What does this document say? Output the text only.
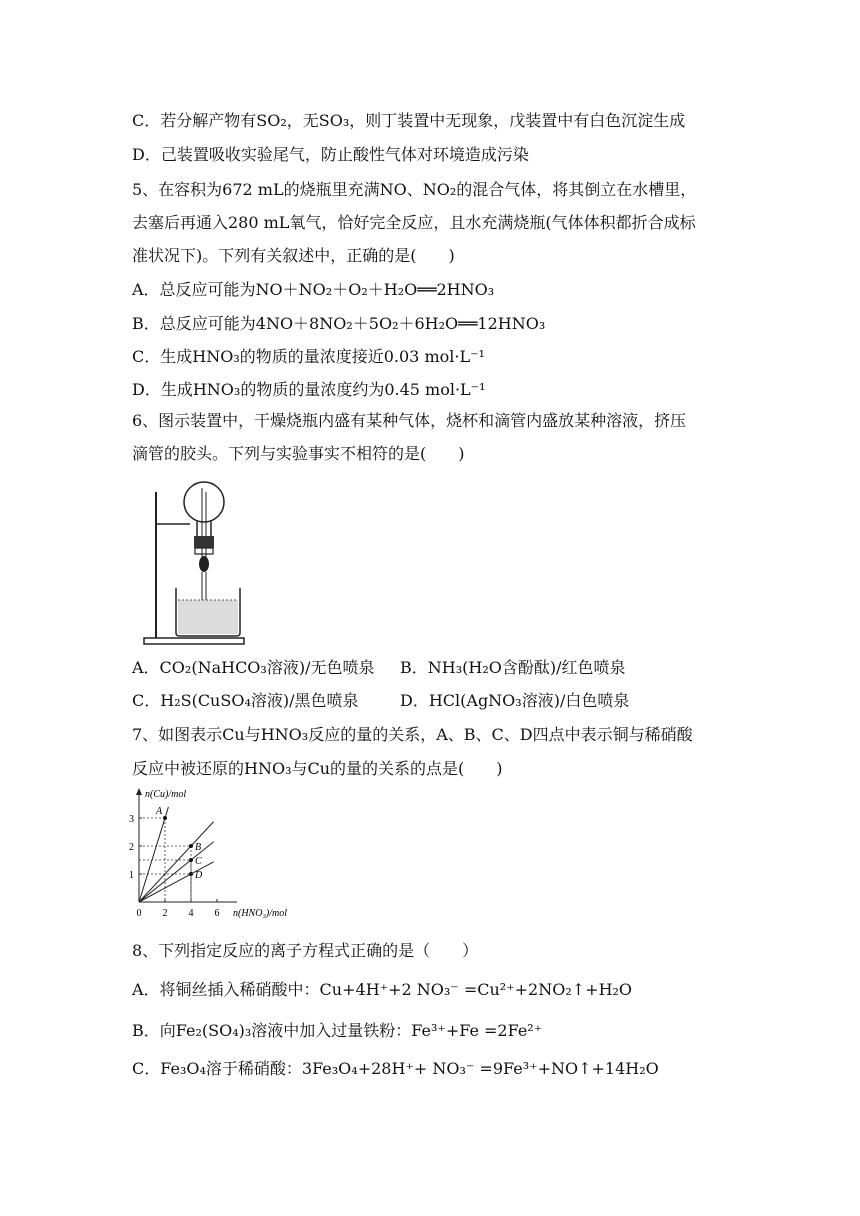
C．若分解产物有SO₂，无SO₃，则丁装置中无现象，戊装置中有白色沉淀生成
D．己装置吸收实验尾气，防止酸性气体对环境造成污染
5、在容积为672 mL的烧瓶里充满NO、NO₂的混合气体，将其倒立在水槽里，
去塞后再通入280 mL氧气，恰好完全反应，且水充满烧瓶(气体体积都折合成标
准状况下)。下列有关叙述中，正确的是(　　)
A．总反应可能为NO＋NO₂＋O₂＋H₂O══2HNO₃
B．总反应可能为4NO＋8NO₂＋5O₂＋6H₂O══12HNO₃
C．生成HNO₃的物质的量浓度接近0.03 mol·L⁻¹
D．生成HNO₃的物质的量浓度约为0.45 mol·L⁻¹
6、图示装置中，干燥烧瓶内盛有某种气体，烧杯和滴管内盛放某种溶液，挤压
滴管的胶头。下列与实验事实不相符的是(　　)
A．CO₂(NaHCO₃溶液)/无色喷泉 B．NH₃(H₂O含酚酞)/红色喷泉
C．H₂S(CuSO₄溶液)/黑色喷泉	D．HCl(AgNO₃溶液)/白色喷泉
7、如图表示Cu与HNO₃反应的量的关系，A、B、C、D四点中表示铜与稀硝酸
反应中被还原的HNO₃与Cu的量的关系的点是(　　)
n(Cu)/mol
n(HNO₃)/mol
0 2 4 6
1
2
3
A
B
C
D
8、下列指定反应的离子方程式正确的是（　　）
A．将铜丝插入稀硝酸中：Cu+4H⁺+2 NO₃⁻ =Cu²⁺+2NO₂↑+H₂O
B．向Fe₂(SO₄)₃溶液中加入过量铁粉：Fe³⁺+Fe =2Fe²⁺
C．Fe₃O₄溶于稀硝酸：3Fe₃O₄+28H⁺+ NO₃⁻ =9Fe³⁺+NO↑+14H₂O
